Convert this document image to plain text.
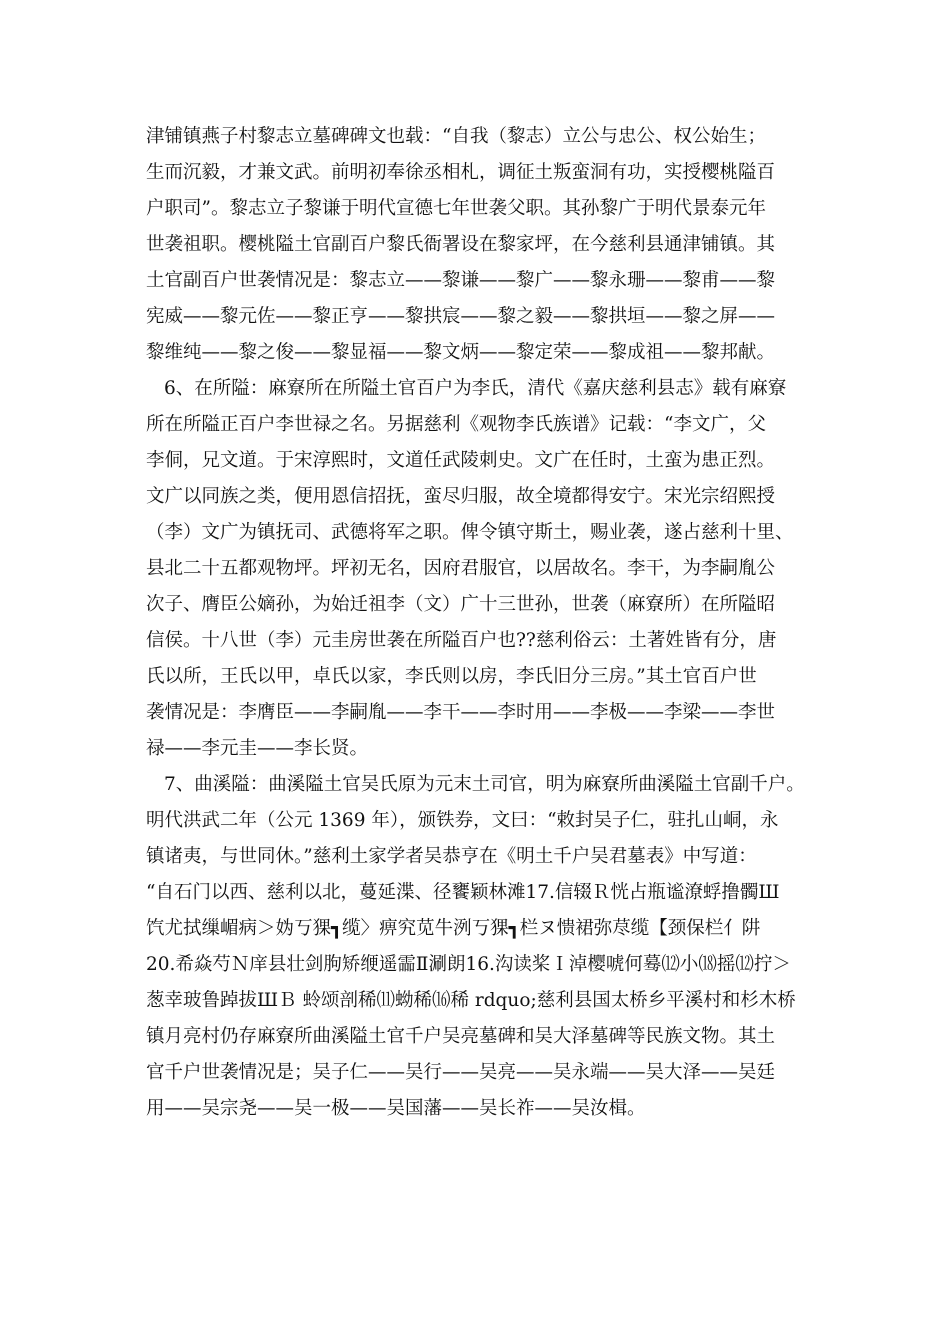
津铺镇燕子村黎志立墓碑碑文也载：“自我（黎志）立公与忠公、权公始生；
生而沉毅，才兼文武。前明初奉徐丞相札，调征土叛蛮洞有功，实授樱桃隘百
户职司”。黎志立子黎谦于明代宣德七年世袭父职。其孙黎广于明代景泰元年
世袭祖职。樱桃隘土官副百户黎氏衙署设在黎家坪，在今慈利县通津铺镇。其
土官副百户世袭情况是：黎志立——黎谦——黎广——黎永珊——黎甫——黎
宪威——黎元佐——黎正亨——黎拱宸——黎之毅——黎拱垣——黎之屏——
黎维纯——黎之俊——黎显福——黎文炳——黎定荣——黎成祖——黎邦献。
6、在所隘：麻寮所在所隘土官百户为李氏，清代《嘉庆慈利县志》载有麻寮
所在所隘正百户李世禄之名。另据慈利《观物李氏族谱》记载：“李文广，父
李侗，兄文道。于宋淳熙时，文道任武陵刺史。文广在任时，土蛮为患正烈。
文广以同族之类，便用恩信招抚，蛮尽归服，故全境都得安宁。宋光宗绍熙授
（李）文广为镇抚司、武德将军之职。俾令镇守斯土，赐业袭，遂占慈利十里、
县北二十五都观物坪。坪初无名，因府君服官，以居故名。李干，为李嗣胤公
次子、膺臣公嫡孙，为始迁祖李（文）广十三世孙，世袭（麻寮所）在所隘昭
信侯。十八世（李）元圭房世袭在所隘百户也??慈利俗云：土著姓皆有分，唐
氏以所，王氏以甲，卓氏以家，李氏则以房，李氏旧分三房。”其土官百户世
袭情况是：李膺臣——李嗣胤——李干——李时用——李极——李梁——李世
禄——李元圭——李长贤。
7、曲溪隘：曲溪隘土官吴氏原为元末土司官，明为麻寮所曲溪隘土官副千户。
明代洪武二年（公元 1369 年），颁铁券，文曰：“敕封吴子仁，驻扎山峒，永
镇诸夷，与世同休。”慈利土家学者吴恭亨在《明土千户吴君墓表》中写道：
“自石门以西、慈利以北，蔓延渫、径饔颖林滩17.信辍Ｒ恍占瓶谧潦蜉撸髑Ш
饩尤拭缫嵋病＞妫丂猓┓缆〉痹究苋牛洌丂猓┓栏ヌ愦裙弥荩缆【颈保栏亻阱
20.希焱芍Ｎ庠县壮剑朐矫缏遥霝Ⅱ涮朗16.沟读桨Ｉ淖樱唬何蓦⑿小⒅摇⑿拧＞
葱幸玻鲁踔拔ШＢ 蛉颂剖稀⑾蚴稀⒃稀 rdquo;慈利县国太桥乡平溪村和杉木桥
镇月亮村仍存麻寮所曲溪隘土官千户吴亮墓碑和吴大泽墓碑等民族文物。其土
官千户世袭情况是；吴子仁——吴行——吴亮——吴永端——吴大泽——吴廷
用——吴宗尧——吴一极——吴国藩——吴长祚——吴汝楫。
